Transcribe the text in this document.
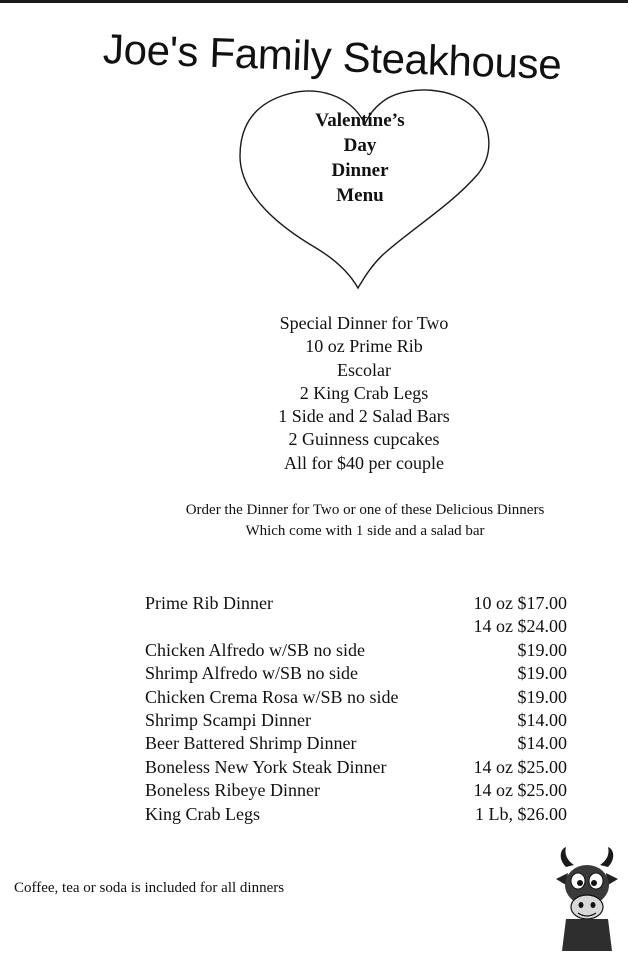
Joe's Family Steakhouse
Valentine’s
Day
Dinner
Menu
Special Dinner for Two
10 oz Prime Rib
Escolar
2 King Crab Legs
1 Side and 2 Salad Bars
2 Guinness cupcakes
All for $40 per couple
Order the Dinner for Two or one of these Delicious Dinners
Which come with 1 side and a salad bar
Prime Rib Dinner	10 oz $17.00
14 oz $24.00
Chicken Alfredo w/SB no side	$19.00
Shrimp Alfredo w/SB no side	$19.00
Chicken Crema Rosa w/SB no side	$19.00
Shrimp Scampi Dinner	$14.00
Beer Battered Shrimp Dinner	$14.00
Boneless New York Steak Dinner	14 oz $25.00
Boneless Ribeye Dinner	14 oz $25.00
King Crab Legs	1 Lb, $26.00
Coffee, tea or soda is included for all dinners
